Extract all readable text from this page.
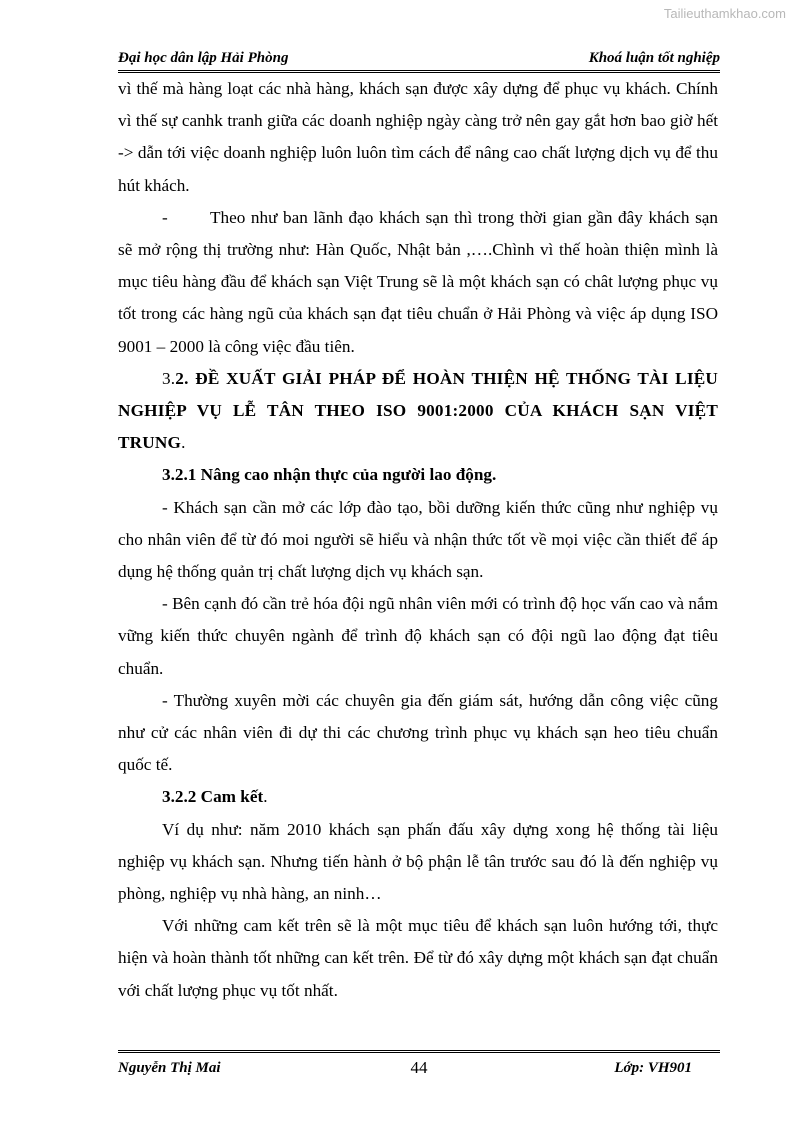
Tailieuthamkhao.com
Đại học dân lập Hải Phòng	Khoá luận tốt nghiệp

vì thế mà hàng loạt các nhà hàng, khách sạn được xây dựng để phục vụ khách. Chính vì thế sự canhk tranh giữa các doanh nghiệp ngày càng trở nên gay gắt hơn bao giờ hết -> dẫn tới việc doanh nghiệp luôn luôn tìm cách để nâng cao chất lượng dịch vụ để thu hút khách.

- Theo như ban lãnh đạo khách sạn thì trong thời gian gần đây khách sạn sẽ mở rộng thị trường như: Hàn Quốc, Nhật bản ,….Chình vì thế hoàn thiện mình là mục tiêu hàng đầu để khách sạn Việt Trung sẽ là một khách sạn có chât lượng phục vụ tốt trong các hàng ngũ của khách sạn đạt tiêu chuẩn ở Hải Phòng và việc áp dụng ISO 9001 – 2000 là công việc đầu tiên.

3.2. ĐỀ XUẤT GIẢI PHÁP ĐỂ HOÀN THIỆN HỆ THỐNG TÀI LIỆU NGHIỆP VỤ LỄ TÂN THEO ISO 9001:2000 CỦA KHÁCH SẠN VIỆT TRUNG.

3.2.1 Nâng cao nhận thực của người lao động.

- Khách sạn cần mở các lớp đào tạo, bồi dưỡng kiến thức cũng như nghiệp vụ cho nhân viên để từ đó moi người sẽ hiểu và nhận thức tốt về mọi việc cần thiết để áp dụng hệ thống quản trị chất lượng dịch vụ khách sạn.

- Bên cạnh đó cần trẻ hóa đội ngũ nhân viên mới có trình độ học vấn cao và nắm vững kiến thức chuyên ngành để trình độ khách sạn có đội ngũ lao động đạt tiêu chuẩn.

- Thường xuyên mời các chuyên gia đến giám sát, hướng dẫn công việc cũng như cử các nhân viên đi dự thi các chương trình phục vụ khách sạn heo tiêu chuẩn quốc tế.

3.2.2 Cam kết.

Ví dụ như: năm 2010 khách sạn phấn đấu xây dựng xong hệ thống tài liệu nghiệp vụ khách sạn. Nhưng tiến hành ở bộ phận lễ tân trước sau đó là đến nghiệp vụ phòng, nghiệp vụ nhà hàng, an ninh…

Với những cam kết trên sẽ là một mục tiêu để khách sạn luôn hướng tới, thực hiện và hoàn thành tốt những can kết trên. Để từ đó xây dựng một khách sạn đạt chuẩn với chất lượng phục vụ tốt nhất.

Nguyễn Thị Mai	44	Lớp: VH901
